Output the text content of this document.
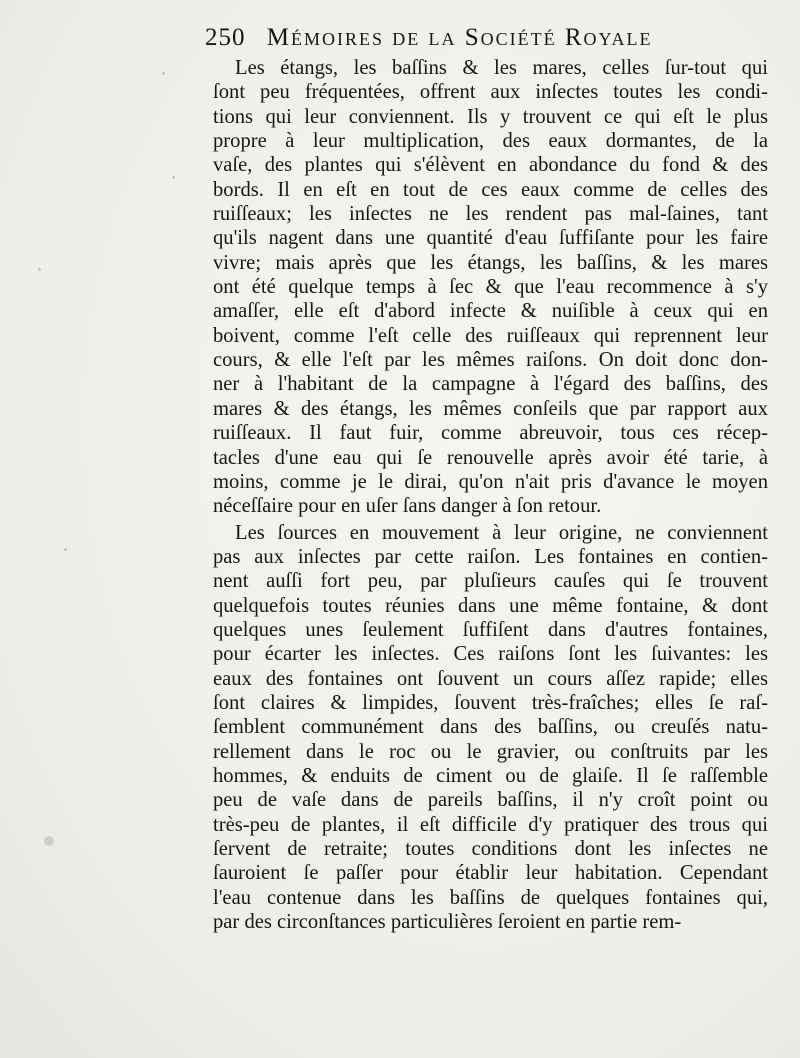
250 Mémoires de la Société Royale
Les étangs, les baſſins & les mares, celles ſur-tout qui
ſont peu fréquentées, offrent aux inſectes toutes les condi-
tions qui leur conviennent. Ils y trouvent ce qui eſt le plus
propre à leur multiplication, des eaux dormantes, de la
vaſe, des plantes qui s'élèvent en abondance du fond & des
bords. Il en eſt en tout de ces eaux comme de celles des
ruiſſeaux; les inſectes ne les rendent pas mal-ſaines, tant
qu'ils nagent dans une quantité d'eau ſuffiſante pour les faire
vivre; mais après que les étangs, les baſſins, & les mares
ont été quelque temps à ſec & que l'eau recommence à s'y
amaſſer, elle eſt d'abord infecte & nuiſible à ceux qui en
boivent, comme l'eſt celle des ruiſſeaux qui reprennent leur
cours, & elle l'eſt par les mêmes raiſons. On doit donc don-
ner à l'habitant de la campagne à l'égard des baſſins, des
mares & des étangs, les mêmes conſeils que par rapport aux
ruiſſeaux. Il faut fuir, comme abreuvoir, tous ces récep-
tacles d'une eau qui ſe renouvelle après avoir été tarie, à
moins, comme je le dirai, qu'on n'ait pris d'avance le moyen
néceſſaire pour en uſer ſans danger à ſon retour.
Les ſources en mouvement à leur origine, ne conviennent
pas aux inſectes par cette raiſon. Les fontaines en contien-
nent auſſi fort peu, par pluſieurs cauſes qui ſe trouvent
quelquefois toutes réunies dans une même fontaine, & dont
quelques unes ſeulement ſuffiſent dans d'autres fontaines,
pour écarter les inſectes. Ces raiſons ſont les ſuivantes: les
eaux des fontaines ont ſouvent un cours aſſez rapide; elles
ſont claires & limpides, ſouvent très-fraîches; elles ſe raſ-
ſemblent communément dans des baſſins, ou creuſés natu-
rellement dans le roc ou le gravier, ou conſtruits par les
hommes, & enduits de ciment ou de glaiſe. Il ſe raſſemble
peu de vaſe dans de pareils baſſins, il n'y croît point ou
très-peu de plantes, il eſt difficile d'y pratiquer des trous qui
ſervent de retraite; toutes conditions dont les inſectes ne
ſauroient ſe paſſer pour établir leur habitation. Cependant
l'eau contenue dans les baſſins de quelques fontaines qui,
par des circonſtances particulières ſeroient en partie rem-
